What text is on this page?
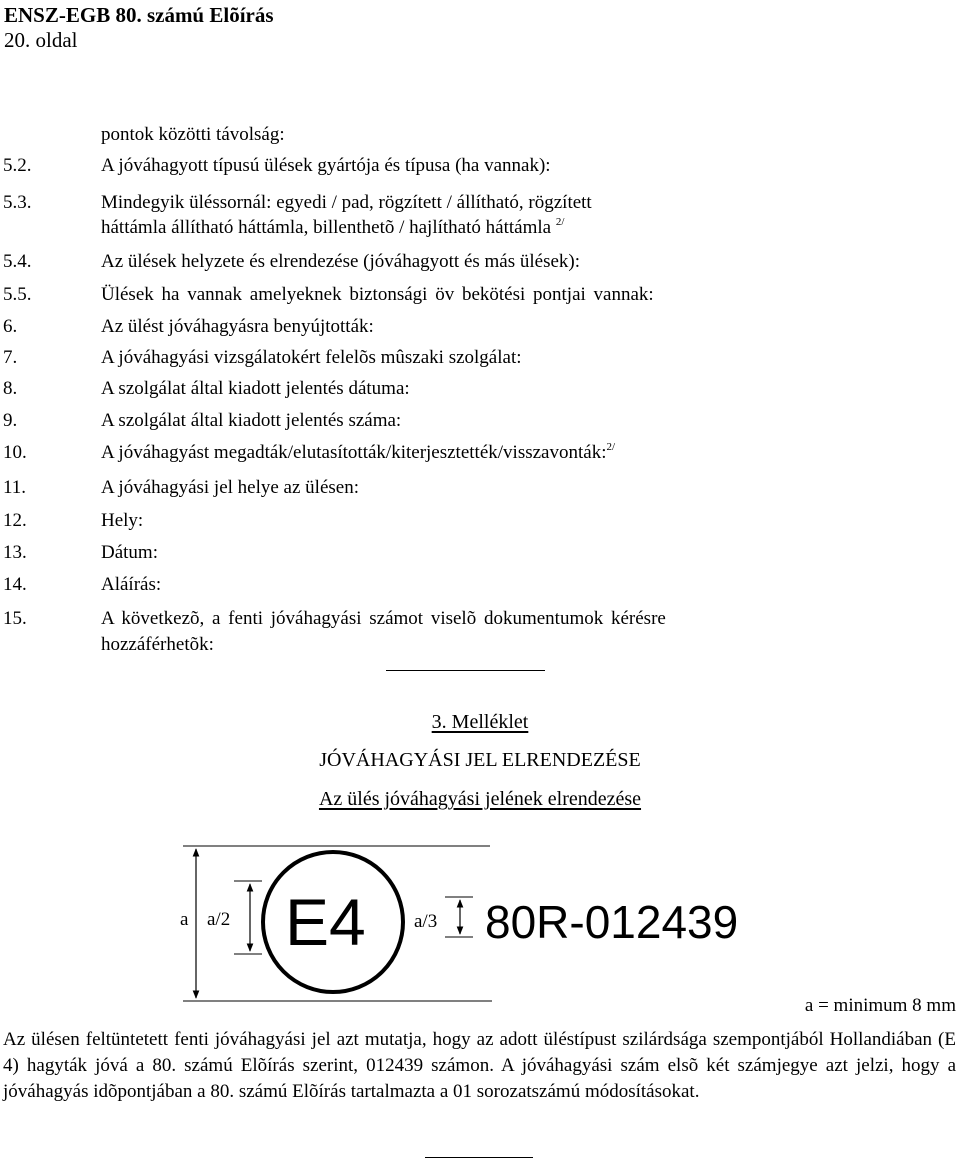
ENSZ-EGB 80. számú Elõírás
20. oldal
pontok közötti távolság:
5.2.	A jóváhagyott típusú ülések gyártója és típusa (ha vannak):
5.3.	Mindegyik üléssornál: egyedi / pad, rögzített / állítható, rögzített
háttámla állítható háttámla, billenthetõ / hajlítható háttámla $^{2/}$
5.4.	Az ülések helyzete és elrendezése (jóváhagyott és más ülések):
5.5.	Ülések ha vannak amelyeknek biztonsági öv bekötési pontjai vannak:
6.	Az ülést jóváhagyásra benyújtották:
7.	A jóváhagyási vizsgálatokért felelõs mûszaki szolgálat:
8.	A szolgálat által kiadott jelentés dátuma:
9.	A szolgálat által kiadott jelentés száma:
10.	A jóváhagyást megadták/elutasították/kiterjesztették/visszavonták:$^{2/}$
11.	A jóváhagyási jel helye az ülésen:
12.	Hely:
13.	Dátum:
14.	Aláírás:
15.	A következõ, a fenti jóváhagyási számot viselõ dokumentumok kérésre
hozzáférhetõk:
3. Melléklet
JÓVÁHAGYÁSI JEL ELRENDEZÉSE
Az ülés jóváhagyási jelének elrendezése
a a/2 E4	a/3 80R-012439
a = minimum 8 mm
Az ülésen feltüntetett fenti jóváhagyási jel azt mutatja, hogy az adott üléstípust szilárdsága szempontjából Hollandiában (E 4) hagyták jóvá a 80. számú Elõírás szerint, 012439 számon. A jóváhagyási szám elsõ két számjegye azt jelzi, hogy a jóváhagyás idõpontjában a 80. számú Elõírás tartalmazta a 01 sorozatszámú módosításokat.
